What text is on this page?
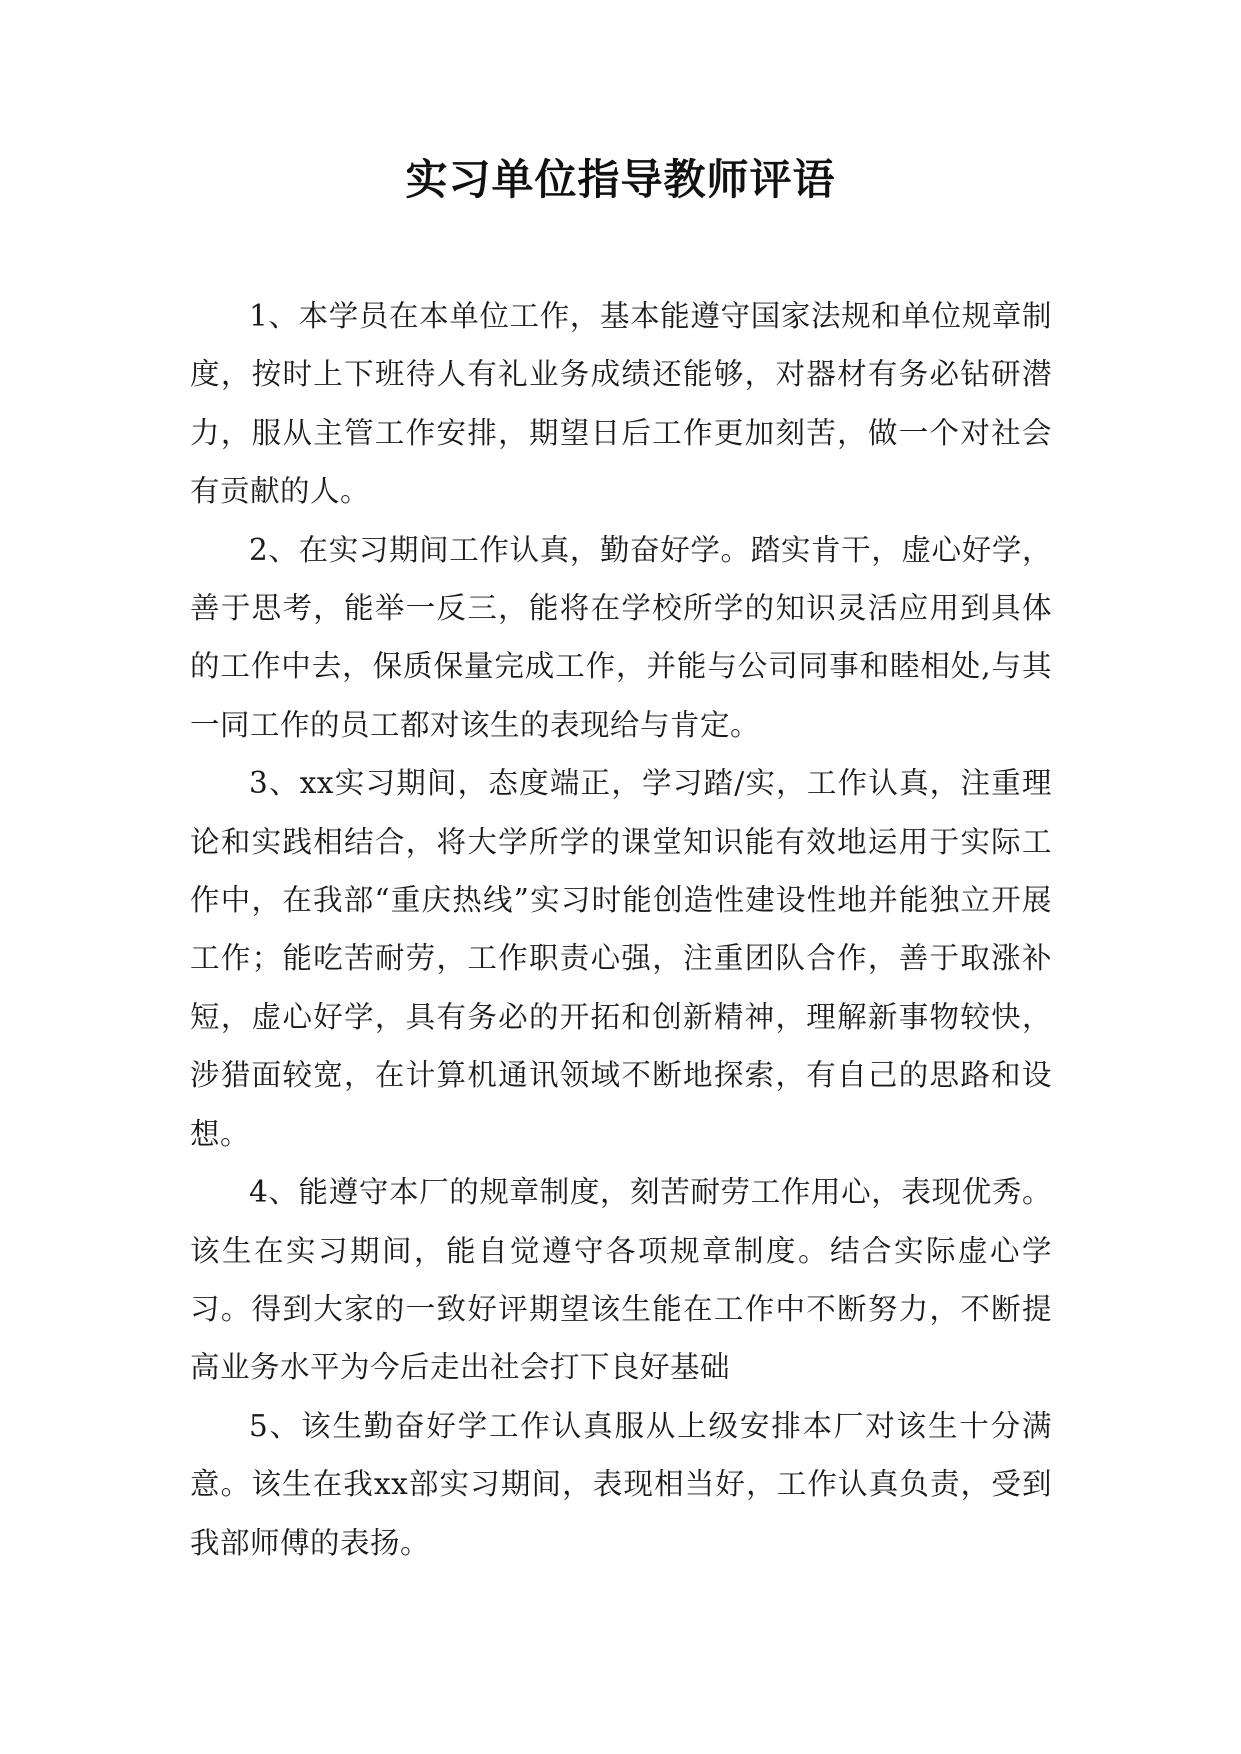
实习单位指导教师评语

1、本学员在本单位工作，基本能遵守国家法规和单位规章制度，按时上下班待人有礼业务成绩还能够，对器材有务必钻研潜力，服从主管工作安排，期望日后工作更加刻苦，做一个对社会有贡献的人。

2、在实习期间工作认真，勤奋好学。踏实肯干，虚心好学，善于思考，能举一反三，能将在学校所学的知识灵活应用到具体的工作中去，保质保量完成工作，并能与公司同事和睦相处,与其一同工作的员工都对该生的表现给与肯定。

3、xx实习期间，态度端正，学习踏/实，工作认真，注重理论和实践相结合，将大学所学的课堂知识能有效地运用于实际工作中，在我部“重庆热线”实习时能创造性建设性地并能独立开展工作；能吃苦耐劳，工作职责心强，注重团队合作，善于取涨补短，虚心好学，具有务必的开拓和创新精神，理解新事物较快，涉猎面较宽，在计算机通讯领域不断地探索，有自己的思路和设想。

4、能遵守本厂的规章制度，刻苦耐劳工作用心，表现优秀。该生在实习期间，能自觉遵守各项规章制度。结合实际虚心学习。得到大家的一致好评期望该生能在工作中不断努力，不断提高业务水平为今后走出社会打下良好基础

5、该生勤奋好学工作认真服从上级安排本厂对该生十分满意。该生在我xx部实习期间，表现相当好，工作认真负责，受到我部师傅的表扬。
